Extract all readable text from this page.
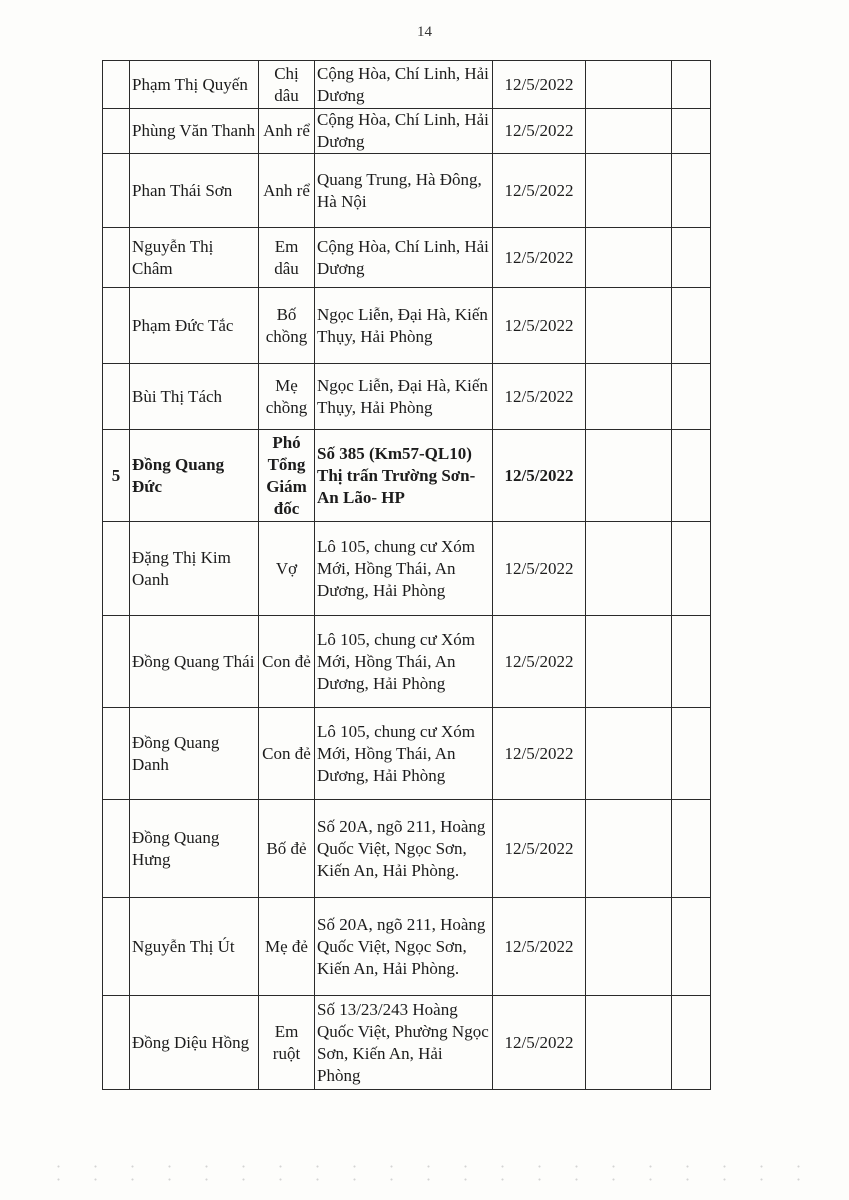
14
	Phạm Thị Quyến	Chị dâu	Cộng Hòa, Chí Linh, Hải Dương	12/5/2022		
	Phùng Văn Thanh	Anh rể	Cộng Hòa, Chí Linh, Hải Dương	12/5/2022		
	Phan Thái Sơn	Anh rể	Quang Trung, Hà Đông, Hà Nội	12/5/2022		
	Nguyễn Thị Châm	Em dâu	Cộng Hòa, Chí Linh, Hải Dương	12/5/2022		
	Phạm Đức Tắc	Bố chồng	Ngọc Liễn, Đại Hà, Kiến Thụy, Hải Phòng	12/5/2022		
	Bùi Thị Tách	Mẹ chồng	Ngọc Liễn, Đại Hà, Kiến Thụy, Hải Phòng	12/5/2022		
5	Đồng Quang Đức	Phó Tổng Giám đốc	Số 385 (Km57-QL10) Thị trấn Trường Sơn- An Lão- HP	12/5/2022		
	Đặng Thị Kim Oanh	Vợ	Lô 105, chung cư Xóm Mới, Hồng Thái, An Dương, Hải Phòng	12/5/2022		
	Đồng Quang Thái	Con đẻ	Lô 105, chung cư Xóm Mới, Hồng Thái, An Dương, Hải Phòng	12/5/2022		
	Đồng Quang Danh	Con đẻ	Lô 105, chung cư Xóm Mới, Hồng Thái, An Dương, Hải Phòng	12/5/2022		
	Đồng Quang Hưng	Bố đẻ	Số 20A, ngõ 211, Hoàng Quốc Việt, Ngọc Sơn, Kiến An, Hải Phòng.	12/5/2022		
	Nguyễn Thị Út	Mẹ đẻ	Số 20A, ngõ 211, Hoàng Quốc Việt, Ngọc Sơn, Kiến An, Hải Phòng.	12/5/2022		
	Đồng Diệu Hồng	Em ruột	Số 13/23/243 Hoàng Quốc Việt, Phường Ngọc Sơn, Kiến An, Hải Phòng	12/5/2022		
